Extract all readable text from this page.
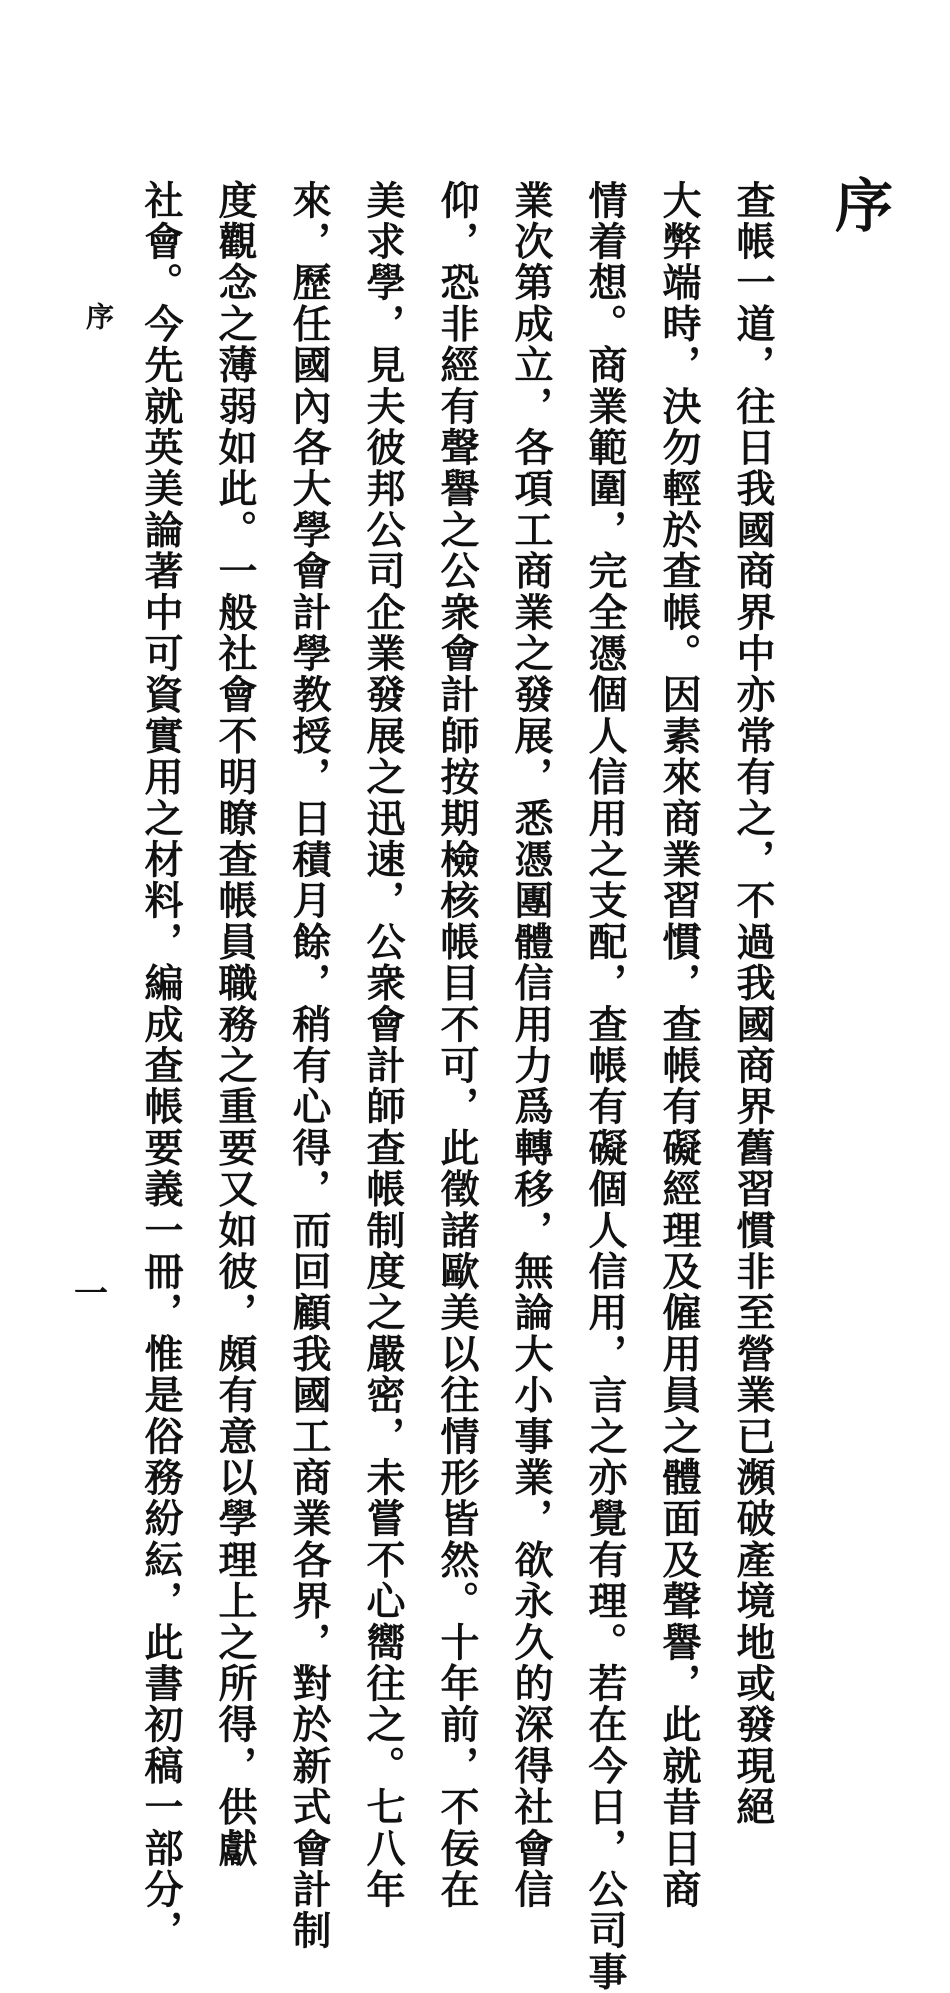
序
查帳一道，往日我國商界中亦常有之，不過我國商界舊習慣非至營業已瀕破產境地或發現絕
大弊端時，決勿輕於查帳。因素來商業習慣，查帳有礙經理及僱用員之體面及聲譽，此就昔日商
情着想。商業範圍，完全憑個人信用之支配，查帳有礙個人信用，言之亦覺有理。若在今日，公司事
業次第成立，各項工商業之發展，悉憑團體信用力爲轉移，無論大小事業，欲永久的深得社會信
仰，恐非經有聲譽之公衆會計師按期檢核帳目不可，此徵諸歐美以往情形皆然。十年前，不佞在
美求學，見夫彼邦公司企業發展之迅速，公衆會計師查帳制度之嚴密，未嘗不心嚮往之。七八年
來，歷任國內各大學會計學教授，日積月餘，稍有心得，而回顧我國工商業各界，對於新式會計制
度觀念之薄弱如此。一般社會不明瞭查帳員職務之重要又如彼，頗有意以學理上之所得，供獻
社會。今先就英美論著中可資實用之材料，編成查帳要義一冊，惟是俗務紛紜，此書初稿一部分，
序
一
